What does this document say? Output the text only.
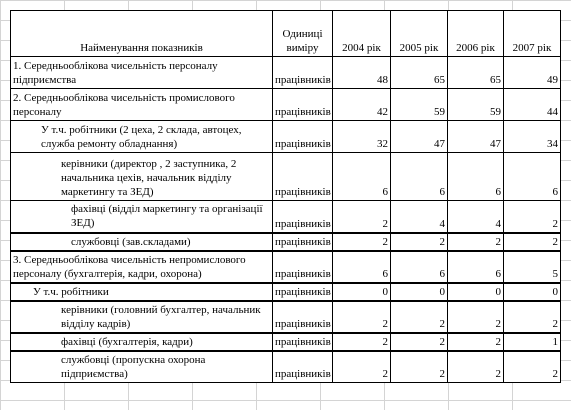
Найменування показників	Одиниці виміру	2004 рік	2005 рік	2006 рік	2007 рік
1. Середньооблікова чисельність персоналу підприємства	працівників	48	65	65	49
2. Середньооблікова чисельність промислового персоналу	працівників	42	59	59	44
У т.ч. робітники (2 цеха, 2 склада, автоцех, служба ремонту обладнання)	працівників	32	47	47	34
керівники (директор , 2 заступника, 2 начальника цехів, начальник відділу маркетингу та ЗЕД)	працівників	6	6	6	6
фахівці (відділ маркетингу та організації ЗЕД)	працівників	2	4	4	2
службовці (зав.складами)	працівників	2	2	2	2
3. Середньооблікова чисельність непромислового персоналу (бухгалтерія, кадри, охорона)	працівників	6	6	6	5
У т.ч. робітники	працівників	0	0	0	0
керівники (головний бухгалтер, начальник відділу кадрів)	працівників	2	2	2	2
фахівці (бухгалтерія, кадри)	працівників	2	2	2	1
службовці (пропускна охорона підприємства)	працівників	2	2	2	2
